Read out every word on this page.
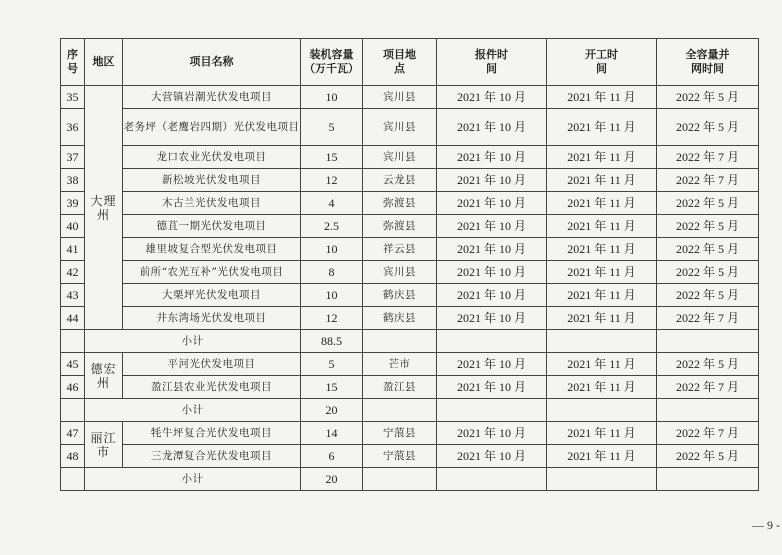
序号	地区	项目名称	装机容量（万千瓦）	项目地点	报件时间	开工时间	全容量并网时间
35	大理州	大营镇岩潮光伏发电项目	10	宾川县	2021 年 10 月	2021 年 11 月	2022 年 5 月
36		老务坪（老鹰岩四期）光伏发电项目	5	宾川县	2021 年 10 月	2021 年 11 月	2022 年 5 月
37		龙口农业光伏发电项目	15	宾川县	2021 年 10 月	2021 年 11 月	2022 年 7 月
38		新松坡光伏发电项目	12	云龙县	2021 年 10 月	2021 年 11 月	2022 年 7 月
39		木古兰光伏发电项目	4	弥渡县	2021 年 10 月	2021 年 11 月	2022 年 5 月
40		德苴一期光伏发电项目	2.5	弥渡县	2021 年 10 月	2021 年 11 月	2022 年 5 月
41		雄里坡复合型光伏发电项目	10	祥云县	2021 年 10 月	2021 年 11 月	2022 年 5 月
42		前所“农光互补”光伏发电项目	8	宾川县	2021 年 10 月	2021 年 11 月	2022 年 5 月
43		大栗坪光伏发电项目	10	鹤庆县	2021 年 10 月	2021 年 11 月	2022 年 5 月
44		井东湾场光伏发电项目	12	鹤庆县	2021 年 10 月	2021 年 11 月	2022 年 7 月
	小计		88.5				
45	德宏州	平河光伏发电项目	5	芒市	2021 年 10 月	2021 年 11 月	2022 年 5 月
46		盈江县农业光伏发电项目	15	盈江县	2021 年 10 月	2021 年 11 月	2022 年 7 月
	小计		20				
47	丽江市	牦牛坪复合光伏发电项目	14	宁蒗县	2021 年 10 月	2021 年 11 月	2022 年 7 月
48		三龙潭复合光伏发电项目	6	宁蒗县	2021 年 10 月	2021 年 11 月	2022 年 5 月
	小计		20				
— 9 -
